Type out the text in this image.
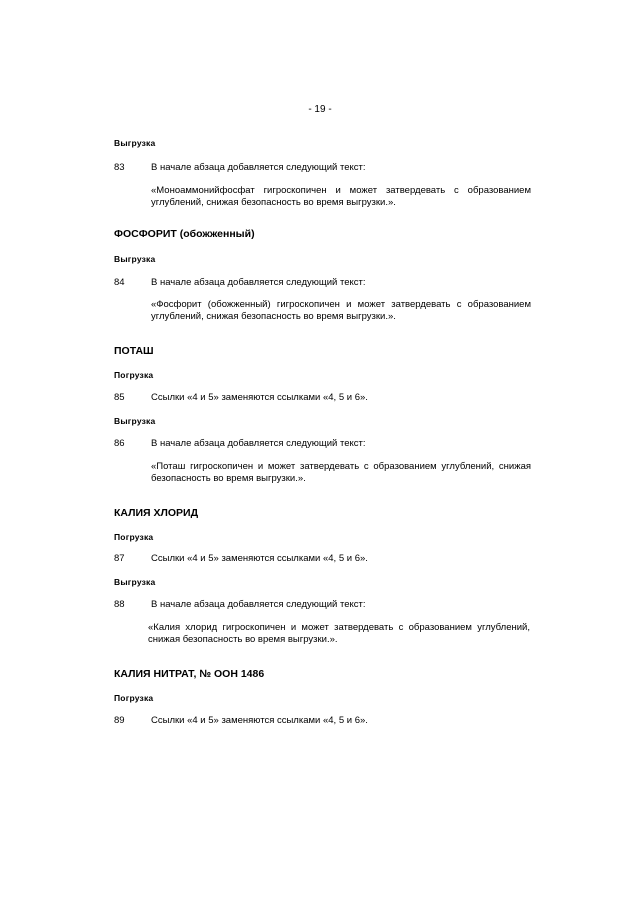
- 19 -
Выгрузка
83	В начале абзаца добавляется следующий текст:
«Моноаммонийфосфат гигроскопичен и может затвердевать с образованием углублений, снижая безопасность во время выгрузки.».
ФОСФОРИТ (обожженный)
Выгрузка
84	В начале абзаца добавляется следующий текст:
«Фосфорит (обожженный) гигроскопичен и может затвердевать с образованием углублений, снижая безопасность во время выгрузки.».
ПОТАШ
Погрузка
85	Ссылки «4 и 5» заменяются ссылками «4, 5 и 6».
Выгрузка
86	В начале абзаца добавляется следующий текст:
«Поташ гигроскопичен и может затвердевать с образованием углублений, снижая безопасность во время выгрузки.».
КАЛИЯ ХЛОРИД
Погрузка
87	Ссылки «4 и 5» заменяются ссылками «4, 5 и 6».
Выгрузка
88	В начале абзаца добавляется следующий текст:
«Калия хлорид гигроскопичен и может затвердевать с образованием углублений, снижая безопасность во время выгрузки.».
КАЛИЯ НИТРАТ, № ООН 1486
Погрузка
89	Ссылки «4 и 5» заменяются ссылками «4, 5 и 6».
